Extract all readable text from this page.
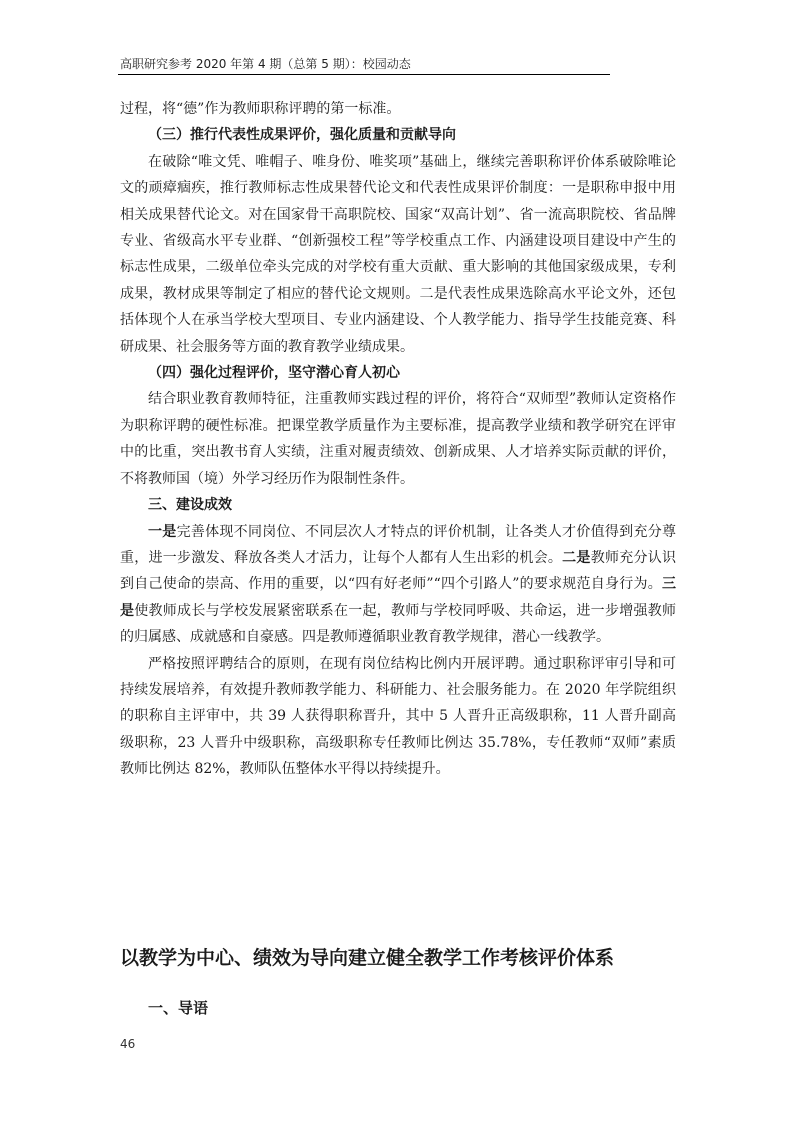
高职研究参考 2020 年第 4 期（总第 5 期）：校园动态

过程，将“德”作为教师职称评聘的第一标准。

（三）推行代表性成果评价，强化质量和贡献导向

在破除“唯文凭、唯帽子、唯身份、唯奖项”基础上，继续完善职称评价体系破除唯论文的顽瘴痼疾，推行教师标志性成果替代论文和代表性成果评价制度：一是职称申报中用相关成果替代论文。对在国家骨干高职院校、国家“双高计划”、省一流高职院校、省品牌专业、省级高水平专业群、“创新强校工程”等学校重点工作、内涵建设项目建设中产生的标志性成果，二级单位牵头完成的对学校有重大贡献、重大影响的其他国家级成果，专利成果，教材成果等制定了相应的替代论文规则。二是代表性成果选除高水平论文外，还包括体现个人在承当学校大型项目、专业内涵建设、个人教学能力、指导学生技能竞赛、科研成果、社会服务等方面的教育教学业绩成果。

（四）强化过程评价，坚守潜心育人初心

结合职业教育教师特征，注重教师实践过程的评价，将符合“双师型”教师认定资格作为职称评聘的硬性标准。把课堂教学质量作为主要标准，提高教学业绩和教学研究在评审中的比重，突出教书育人实绩，注重对履责绩效、创新成果、人才培养实际贡献的评价，不将教师国（境）外学习经历作为限制性条件。

三、建设成效

一是完善体现不同岗位、不同层次人才特点的评价机制，让各类人才价值得到充分尊重，进一步激发、释放各类人才活力，让每个人都有人生出彩的机会。二是教师充分认识到自己使命的崇高、作用的重要，以“四有好老师”“四个引路人”的要求规范自身行为。三是使教师成长与学校发展紧密联系在一起，教师与学校同呼吸、共命运，进一步增强教师的归属感、成就感和自豪感。四是教师遵循职业教育教学规律，潜心一线教学。

严格按照评聘结合的原则，在现有岗位结构比例内开展评聘。通过职称评审引导和可持续发展培养，有效提升教师教学能力、科研能力、社会服务能力。在 2020 年学院组织的职称自主评审中，共 39 人获得职称晋升，其中 5 人晋升正高级职称，11 人晋升副高级职称，23 人晋升中级职称，高级职称专任教师比例达 35.78%，专任教师“双师”素质教师比例达 82%，教师队伍整体水平得以持续提升。

以教学为中心、绩效为导向建立健全教学工作考核评价体系
一、导语
46
